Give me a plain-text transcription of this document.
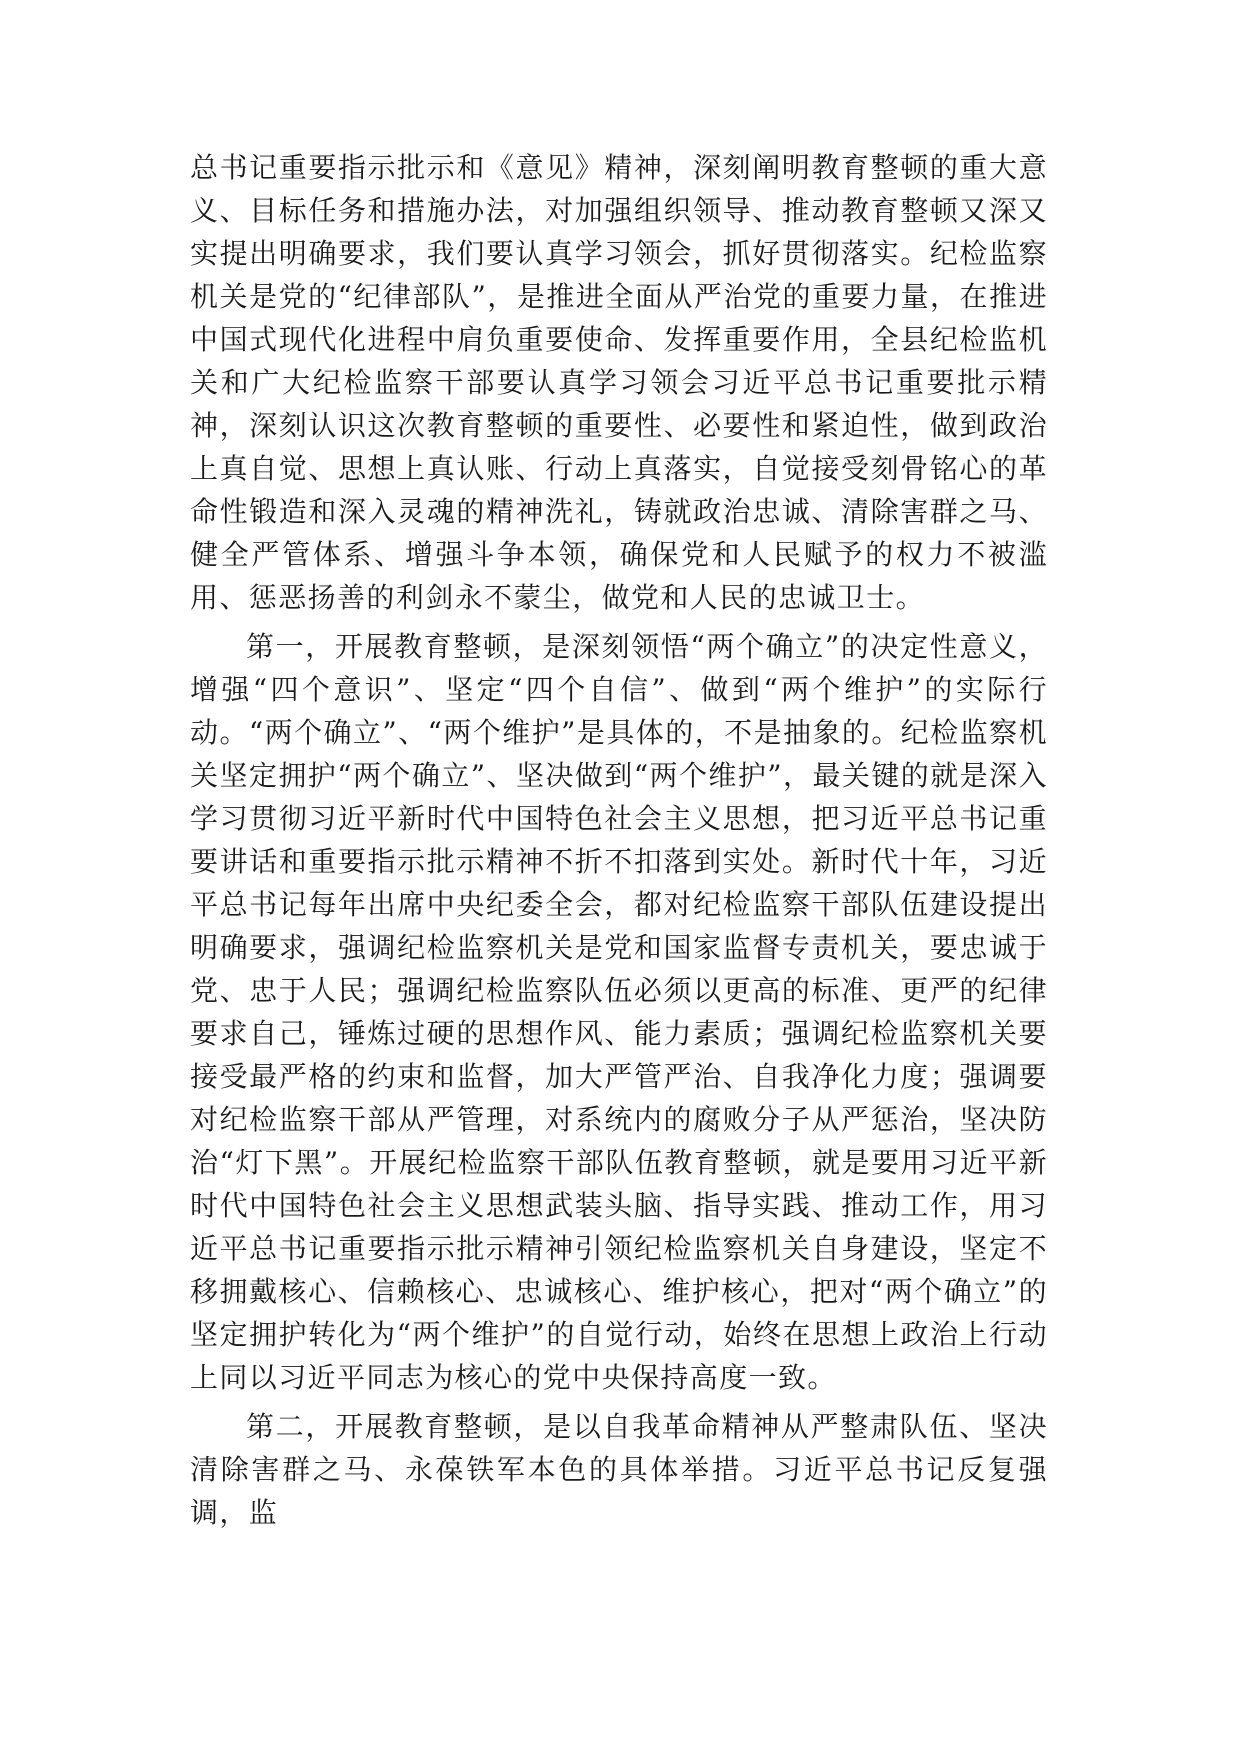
总书记重要指示批示和《意见》精神，深刻阐明教育整顿的重大意义、目标任务和措施办法，对加强组织领导、推动教育整顿又深又实提出明确要求，我们要认真学习领会，抓好贯彻落实。纪检监察机关是党的“纪律部队”，是推进全面从严治党的重要力量，在推进中国式现代化进程中肩负重要使命、发挥重要作用，全县纪检监机关和广大纪检监察干部要认真学习领会习近平总书记重要批示精神，深刻认识这次教育整顿的重要性、必要性和紧迫性，做到政治上真自觉、思想上真认账、行动上真落实，自觉接受刻骨铭心的革命性锻造和深入灵魂的精神洗礼，铸就政治忠诚、清除害群之马、健全严管体系、增强斗争本领，确保党和人民赋予的权力不被滥用、惩恶扬善的利剑永不蒙尘，做党和人民的忠诚卫士。

第一，开展教育整顿，是深刻领悟“两个确立”的决定性意义，增强“四个意识”、坚定“四个自信”、做到“两个维护”的实际行动。“两个确立”、“两个维护”是具体的，不是抽象的。纪检监察机关坚定拥护“两个确立”、坚决做到“两个维护”，最关键的就是深入学习贯彻习近平新时代中国特色社会主义思想，把习近平总书记重要讲话和重要指示批示精神不折不扣落到实处。新时代十年，习近平总书记每年出席中央纪委全会，都对纪检监察干部队伍建设提出明确要求，强调纪检监察机关是党和国家监督专责机关，要忠诚于党、忠于人民；强调纪检监察队伍必须以更高的标准、更严的纪律要求自己，锤炼过硬的思想作风、能力素质；强调纪检监察机关要接受最严格的约束和监督，加大严管严治、自我净化力度；强调要对纪检监察干部从严管理，对系统内的腐败分子从严惩治，坚决防治“灯下黑”。开展纪检监察干部队伍教育整顿，就是要用习近平新时代中国特色社会主义思想武装头脑、指导实践、推动工作，用习近平总书记重要指示批示精神引领纪检监察机关自身建设，坚定不移拥戴核心、信赖核心、忠诚核心、维护核心，把对“两个确立”的坚定拥护转化为“两个维护”的自觉行动，始终在思想上政治上行动上同以习近平同志为核心的党中央保持高度一致。

第二，开展教育整顿，是以自我革命精神从严整肃队伍、坚决清除害群之马、永葆铁军本色的具体举措。习近平总书记反复强调，监
